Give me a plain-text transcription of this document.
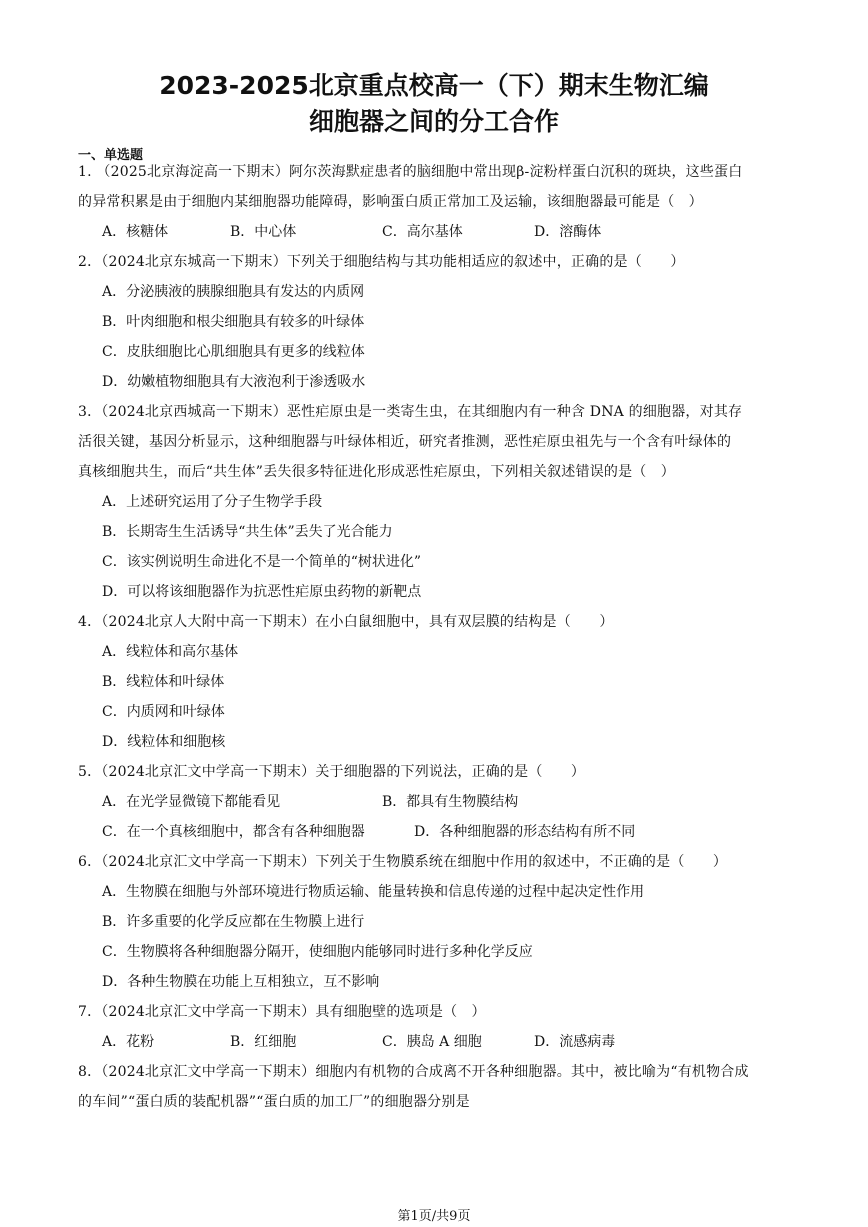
2023-2025北京重点校高一（下）期末生物汇编
细胞器之间的分工合作
一、单选题
1. （2025北京海淀高一下期末）阿尔茨海默症患者的脑细胞中常出现β-淀粉样蛋白沉积的斑块，这些蛋白
的异常积累是由于细胞内某细胞器功能障碍，影响蛋白质正常加工及运输，该细胞器最可能是（　）
A．核糖体	B．中心体	C．高尔基体	D．溶酶体
2．（2024北京东城高一下期末）下列关于细胞结构与其功能相适应的叙述中，正确的是（　　）
A．分泌胰液的胰腺细胞具有发达的内质网
B．叶肉细胞和根尖细胞具有较多的叶绿体
C．皮肤细胞比心肌细胞具有更多的线粒体
D．幼嫩植物细胞具有大液泡利于渗透吸水
3．（2024北京西城高一下期末）恶性疟原虫是一类寄生虫，在其细胞内有一种含 DNA 的细胞器，对其存
活很关键，基因分析显示，这种细胞器与叶绿体相近，研究者推测，恶性疟原虫祖先与一个含有叶绿体的
真核细胞共生，而后“共生体”丢失很多特征进化形成恶性疟原虫，下列相关叙述错误的是（　）
A．上述研究运用了分子生物学手段
B．长期寄生生活诱导“共生体”丢失了光合能力
C．该实例说明生命进化不是一个简单的“树状进化”
D．可以将该细胞器作为抗恶性疟原虫药物的新靶点
4．（2024北京人大附中高一下期末）在小白鼠细胞中，具有双层膜的结构是（　　）
A．线粒体和高尔基体
B．线粒体和叶绿体
C．内质网和叶绿体
D．线粒体和细胞核
5．（2024北京汇文中学高一下期末）关于细胞器的下列说法，正确的是（　　）
A．在光学显微镜下都能看见	B．都具有生物膜结构
C．在一个真核细胞中，都含有各种细胞器	D．各种细胞器的形态结构有所不同
6．（2024北京汇文中学高一下期末）下列关于生物膜系统在细胞中作用的叙述中，不正确的是（　　）
A．生物膜在细胞与外部环境进行物质运输、能量转换和信息传递的过程中起决定性作用
B．许多重要的化学反应都在生物膜上进行
C．生物膜将各种细胞器分隔开，使细胞内能够同时进行多种化学反应
D．各种生物膜在功能上互相独立，互不影响
7．（2024北京汇文中学高一下期末）具有细胞壁的选项是（　）
A．花粉	B．红细胞	C．胰岛 A 细胞	D．流感病毒
8．（2024北京汇文中学高一下期末）细胞内有机物的合成离不开各种细胞器。其中，被比喻为“有机物合成
的车间”“蛋白质的装配机器”“蛋白质的加工厂”的细胞器分别是
第1页/共9页
